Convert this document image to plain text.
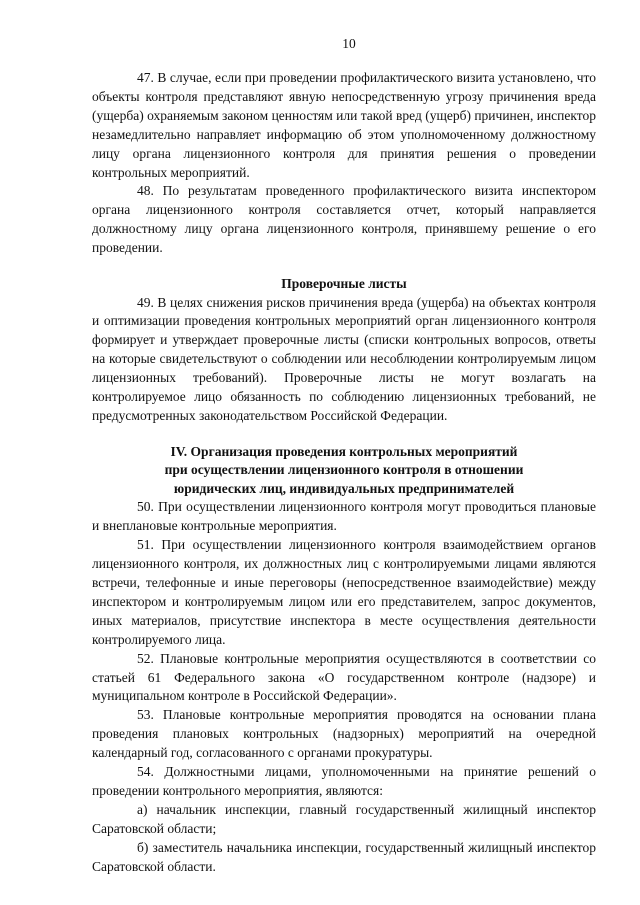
10

47. В случае, если при проведении профилактического визита установлено, что объекты контроля представляют явную непосредственную угрозу причинения вреда (ущерба) охраняемым законом ценностям или такой вред (ущерб) причинен, инспектор незамедлительно направляет информацию об этом уполномоченному должностному лицу органа лицензионного контроля для принятия решения о проведении контрольных мероприятий.

48. По результатам проведенного профилактического визита инспектором органа лицензионного контроля составляется отчет, который направляется должностному лицу органа лицензионного контроля, принявшему решение о его проведении.

Проверочные листы

49. В целях снижения рисков причинения вреда (ущерба) на объектах контроля и оптимизации проведения контрольных мероприятий орган лицензионного контроля формирует и утверждает проверочные листы (списки контрольных вопросов, ответы на которые свидетельствуют о соблюдении или несоблюдении контролируемым лицом лицензионных требований). Проверочные листы не могут возлагать на контролируемое лицо обязанность по соблюдению лицензионных требований, не предусмотренных законодательством Российской Федерации.

IV. Организация проведения контрольных мероприятий
при осуществлении лицензионного контроля в отношении
юридических лиц, индивидуальных предпринимателей

50. При осуществлении лицензионного контроля могут проводиться плановые и внеплановые контрольные мероприятия.

51. При осуществлении лицензионного контроля взаимодействием органов лицензионного контроля, их должностных лиц с контролируемыми лицами являются встречи, телефонные и иные переговоры (непосредственное взаимодействие) между инспектором и контролируемым лицом или его представителем, запрос документов, иных материалов, присутствие инспектора в месте осуществления деятельности контролируемого лица.

52. Плановые контрольные мероприятия осуществляются в соответствии со статьей 61 Федерального закона «О государственном контроле (надзоре) и муниципальном контроле в Российской Федерации».

53. Плановые контрольные мероприятия проводятся на основании плана проведения плановых контрольных (надзорных) мероприятий на очередной календарный год, согласованного с органами прокуратуры.

54. Должностными лицами, уполномоченными на принятие решений о проведении контрольного мероприятия, являются:

а) начальник инспекции, главный государственный жилищный инспектор Саратовской области;

б) заместитель начальника инспекции, государственный жилищный инспектор Саратовской области.
